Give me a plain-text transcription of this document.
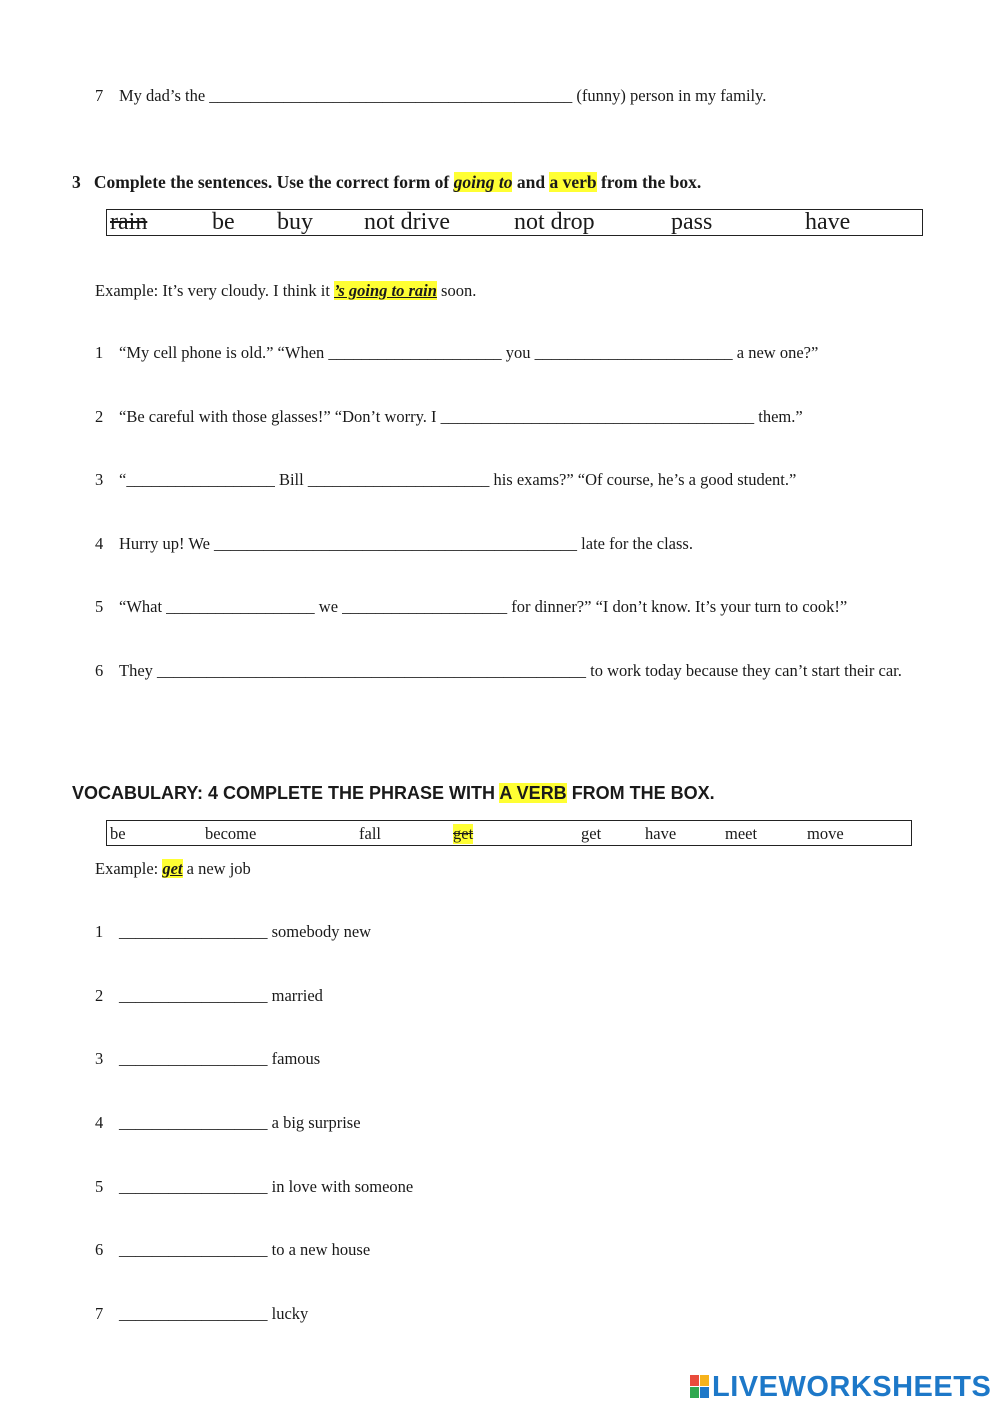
7 My dad’s the ____________________________________________ (funny) person in my family.
3 Complete the sentences. Use the correct form of going to and a verb from the box.
rain	be buy not drive	not drop	pass	have
Example: It’s very cloudy. I think it ’s going to rain soon.
1 “My cell phone is old.” “When _____________________ you ________________________ a new one?”
2 “Be careful with those glasses!” “Don’t worry. I ______________________________________ them.”
3 “__________________ Bill ______________________ his exams?” “Of course, he’s a good student.”
4 Hurry up! We ____________________________________________ late for the class.
5 “What __________________ we ____________________ for dinner?” “I don’t know. It’s your turn to cook!”
6 They ____________________________________________________ to work today because they can’t start their car.
VOCABULARY: 4 COMPLETE THE PHRASE WITH A VERB FROM THE BOX.
be	become	fall	get	get	have	meet	move
Example: get a new job
1 __________________ somebody new
2 __________________ married
3 __________________ famous
4 __________________ a big surprise
5 __________________ in love with someone
6 __________________ to a new house
7 __________________ lucky
LIVEWORKSHEETS
